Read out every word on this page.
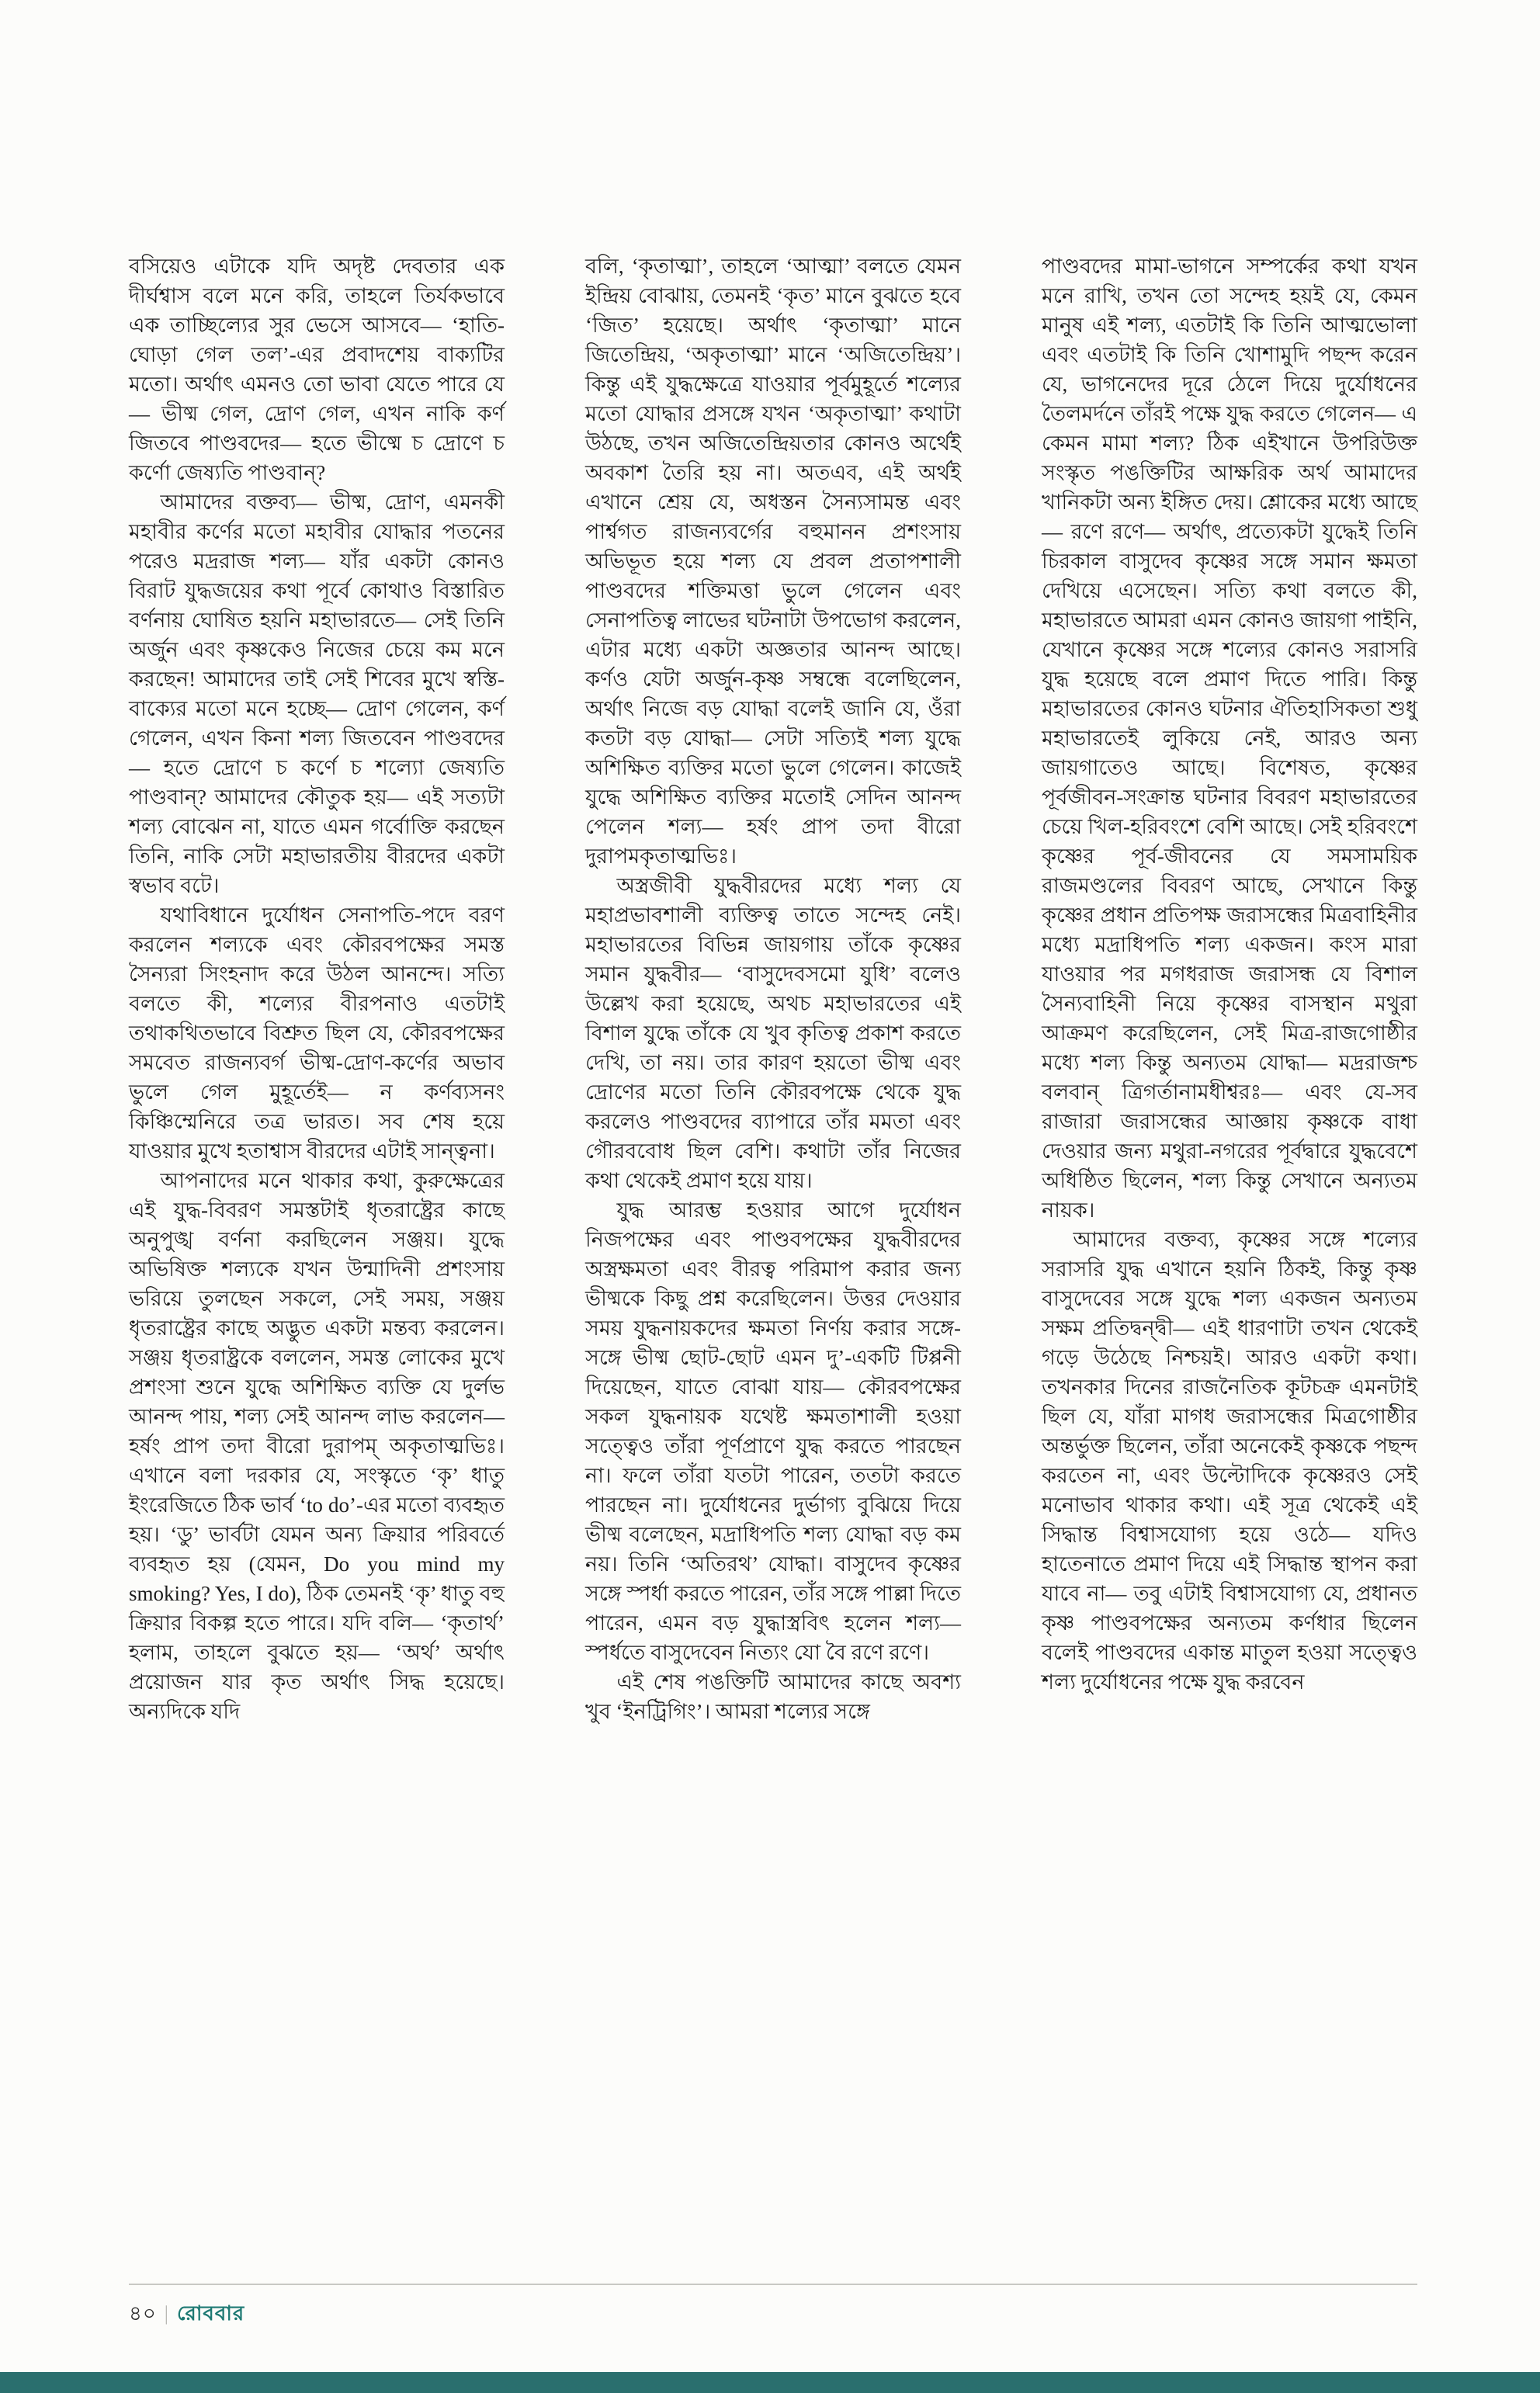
বসিয়েও এটাকে যদি অদৃষ্ট দেবতার এক দীর্ঘশ্বাস বলে মনে করি, তাহলে তির্যকভাবে এক তাচ্ছিল্যের সুর ভেসে আসবে— ‘হাতি-ঘোড়া গেল তল’-এর প্রবাদশেয় বাক্যটির মতো। অর্থাৎ এমনও তো ভাবা যেতে পারে যে— ভীষ্ম গেল, দ্রোণ গেল, এখন নাকি কর্ণ জিতবে পাণ্ডবদের— হতে ভীষ্মে চ দ্রোণে চ কর্ণো জেষ্যতি পাণ্ডবান্?

আমাদের বক্তব্য— ভীষ্ম, দ্রোণ, এমনকী মহাবীর কর্ণের মতো মহাবীর যোদ্ধার পতনের পরেও মদ্ররাজ শল্য— যাঁর একটা কোনও বিরাট যুদ্ধজয়ের কথা পূর্বে কোথাও বিস্তারিত বর্ণনায় ঘোষিত হয়নি মহাভারতে— সেই তিনি অর্জুন এবং কৃষ্ণকেও নিজের চেয়ে কম মনে করছেন! আমাদের তাই সেই শিবের মুখে স্বস্তি-বাক্যের মতো মনে হচ্ছে— দ্রোণ গেলেন, কর্ণ গেলেন, এখন কিনা শল্য জিতবেন পাণ্ডবদের— হতে দ্রোণে চ কর্ণে চ শল্যো জেষ্যতি পাণ্ডবান্? আমাদের কৌতুক হয়— এই সত্যটা শল্য বোঝেন না, যাতে এমন গর্বোক্তি করছেন তিনি, নাকি সেটা মহাভারতীয় বীরদের একটা স্বভাব বটে।

যথাবিধানে দুর্যোধন সেনাপতি-পদে বরণ করলেন শল্যকে এবং কৌরবপক্ষের সমস্ত সৈন্যরা সিংহনাদ করে উঠল আনন্দে। সত্যি বলতে কী, শল্যের বীরপনাও এতটাই তথাকথিতভাবে বিশ্রুত ছিল যে, কৌরবপক্ষের সমবেত রাজন্যবর্গ ভীষ্ম-দ্রোণ-কর্ণের অভাব ভুলে গেল মুহূর্তেই— ন কর্ণব্যসনং কিঞ্চিম্মেনিরে তত্র ভারত। সব শেষ হয়ে যাওয়ার মুখে হতাশ্বাস বীরদের এটাই সান্ত্বনা।

আপনাদের মনে থাকার কথা, কুরুক্ষেত্রের এই যুদ্ধ-বিবরণ সমস্তটাই ধৃতরাষ্ট্রের কাছে অনুপুঙ্খ বর্ণনা করছিলেন সঞ্জয়। যুদ্ধে অভিষিক্ত শল্যকে যখন উন্মাদিনী প্রশংসায় ভরিয়ে তুলছেন সকলে, সেই সময়, সঞ্জয় ধৃতরাষ্ট্রের কাছে অদ্ভুত একটা মন্তব্য করলেন। সঞ্জয় ধৃতরাষ্ট্রকে বললেন, সমস্ত লোকের মুখে প্রশংসা শুনে যুদ্ধে অশিক্ষিত ব্যক্তি যে দুর্লভ আনন্দ পায়, শল্য সেই আনন্দ লাভ করলেন— হর্ষং প্রাপ তদা বীরো দুরাপম্ অকৃতাত্মভিঃ। এখানে বলা দরকার যে, সংস্কৃতে ‘কৃ’ ধাতু ইংরেজিতে ঠিক ভার্ব ‘to do’-এর মতো ব্যবহৃত হয়। ‘ডু’ ভার্বটা যেমন অন্য ক্রিয়ার পরিবর্তে ব্যবহৃত হয় (যেমন, Do you mind my smoking? Yes, I do), ঠিক তেমনই ‘কৃ’ ধাতু বহু ক্রিয়ার বিকল্প হতে পারে। যদি বলি— ‘কৃতার্থ’ হলাম, তাহলে বুঝতে হয়— ‘অর্থ’ অর্থাৎ প্রয়োজন যার কৃত অর্থাৎ সিদ্ধ হয়েছে। অন্যদিকে যদি

বলি, ‘কৃতাত্মা’, তাহলে ‘আত্মা’ বলতে যেমন ইন্দ্রিয় বোঝায়, তেমনই ‘কৃত’ মানে বুঝতে হবে ‘জিত’ হয়েছে। অর্থাৎ ‘কৃতাত্মা’ মানে জিতেন্দ্রিয়, ‘অকৃতাত্মা’ মানে ‘অজিতেন্দ্রিয়’। কিন্তু এই যুদ্ধক্ষেত্রে যাওয়ার পূর্বমুহূর্তে শল্যের মতো যোদ্ধার প্রসঙ্গে যখন ‘অকৃতাত্মা’ কথাটা উঠছে, তখন অজিতেন্দ্রিয়তার কোনও অর্থেই অবকাশ তৈরি হয় না। অতএব, এই অর্থই এখানে শ্রেয় যে, অধস্তন সৈন্যসামন্ত এবং পার্শ্বগত রাজন্যবর্গের বহুমানন প্রশংসায় অভিভূত হয়ে শল্য যে প্রবল প্রতাপশালী পাণ্ডবদের শক্তিমত্তা ভুলে গেলেন এবং সেনাপতিত্ব লাভের ঘটনাটা উপভোগ করলেন, এটার মধ্যে একটা অজ্ঞতার আনন্দ আছে। কর্ণও যেটা অর্জুন-কৃষ্ণ সম্বন্ধে বলেছিলেন, অর্থাৎ নিজে বড় যোদ্ধা বলেই জানি যে, ওঁরা কতটা বড় যোদ্ধা— সেটা সত্যিই শল্য যুদ্ধে অশিক্ষিত ব্যক্তির মতো ভুলে গেলেন। কাজেই যুদ্ধে অশিক্ষিত ব্যক্তির মতোই সেদিন আনন্দ পেলেন শল্য— হর্ষং প্রাপ তদা বীরো দুরাপমকৃতাত্মভিঃ।

অস্ত্রজীবী যুদ্ধবীরদের মধ্যে শল্য যে মহাপ্রভাবশালী ব্যক্তিত্ব তাতে সন্দেহ নেই। মহাভারতের বিভিন্ন জায়গায় তাঁকে কৃষ্ণের সমান যুদ্ধবীর— ‘বাসুদেবসমো যুধি’ বলেও উল্লেখ করা হয়েছে, অথচ মহাভারতের এই বিশাল যুদ্ধে তাঁকে যে খুব কৃতিত্ব প্রকাশ করতে দেখি, তা নয়। তার কারণ হয়তো ভীষ্ম এবং দ্রোণের মতো তিনি কৌরবপক্ষে থেকে যুদ্ধ করলেও পাণ্ডবদের ব্যাপারে তাঁর মমতা এবং গৌরববোধ ছিল বেশি। কথাটা তাঁর নিজের কথা থেকেই প্রমাণ হয়ে যায়।

যুদ্ধ আরম্ভ হওয়ার আগে দুর্যোধন নিজপক্ষের এবং পাণ্ডবপক্ষের যুদ্ধবীরদের অস্ত্রক্ষমতা এবং বীরত্ব পরিমাপ করার জন্য ভীষ্মকে কিছু প্রশ্ন করেছিলেন। উত্তর দেওয়ার সময় যুদ্ধনায়কদের ক্ষমতা নির্ণয় করার সঙ্গে-সঙ্গে ভীষ্ম ছোট-ছোট এমন দু’-একটি টিপ্পনী দিয়েছেন, যাতে বোঝা যায়— কৌরবপক্ষের সকল যুদ্ধনায়ক যথেষ্ট ক্ষমতাশালী হওয়া সত্ত্বেও তাঁরা পূর্ণপ্রাণে যুদ্ধ করতে পারছেন না। ফলে তাঁরা যতটা পারেন, ততটা করতে পারছেন না। দুর্যোধনের দুর্ভাগ্য বুঝিয়ে দিয়ে ভীষ্ম বলেছেন, মদ্রাধিপতি শল্য যোদ্ধা বড় কম নয়। তিনি ‘অতিরথ’ যোদ্ধা। বাসুদেব কৃষ্ণের সঙ্গে স্পর্ধা করতে পারেন, তাঁর সঙ্গে পাল্লা দিতে পারেন, এমন বড় যুদ্ধাস্ত্রবিৎ হলেন শল্য— স্পর্ধতে বাসুদেবেন নিত্যং যো বৈ রণে রণে।

এই শেষ পঙক্তিটি আমাদের কাছে অবশ্য খুব ‘ইনট্রিগিং’। আমরা শল্যের সঙ্গে

পাণ্ডবদের মামা-ভাগনে সম্পর্কের কথা যখন মনে রাখি, তখন তো সন্দেহ হয়ই যে, কেমন মানুষ এই শল্য, এতটাই কি তিনি আত্মভোলা এবং এতটাই কি তিনি খোশামুদি পছন্দ করেন যে, ভাগনেদের দূরে ঠেলে দিয়ে দুর্যোধনের তৈলমর্দনে তাঁরই পক্ষে যুদ্ধ করতে গেলেন— এ কেমন মামা শল্য? ঠিক এইখানে উপরিউক্ত সংস্কৃত পঙক্তিটির আক্ষরিক অর্থ আমাদের খানিকটা অন্য ইঙ্গিত দেয়। শ্লোকের মধ্যে আছে— রণে রণে— অর্থাৎ, প্রত্যেকটা যুদ্ধেই তিনি চিরকাল বাসুদেব কৃষ্ণের সঙ্গে সমান ক্ষমতা দেখিয়ে এসেছেন। সত্যি কথা বলতে কী, মহাভারতে আমরা এমন কোনও জায়গা পাইনি, যেখানে কৃষ্ণের সঙ্গে শল্যের কোনও সরাসরি যুদ্ধ হয়েছে বলে প্রমাণ দিতে পারি। কিন্তু মহাভারতের কোনও ঘটনার ঐতিহাসিকতা শুধু মহাভারতেই লুকিয়ে নেই, আরও অন্য জায়গাতেও আছে। বিশেষত, কৃষ্ণের পূর্বজীবন-সংক্রান্ত ঘটনার বিবরণ মহাভারতের চেয়ে খিল-হরিবংশে বেশি আছে। সেই হরিবংশে কৃষ্ণের পূর্ব-জীবনের যে সমসাময়িক রাজমণ্ডলের বিবরণ আছে, সেখানে কিন্তু কৃষ্ণের প্রধান প্রতিপক্ষ জরাসন্ধের মিত্রবাহিনীর মধ্যে মদ্রাধিপতি শল্য একজন। কংস মারা যাওয়ার পর মগধরাজ জরাসন্ধ যে বিশাল সৈন্যবাহিনী নিয়ে কৃষ্ণের বাসস্থান মথুরা আক্রমণ করেছিলেন, সেই মিত্র-রাজগোষ্ঠীর মধ্যে শল্য কিন্তু অন্যতম যোদ্ধা— মদ্ররাজশ্চ বলবান্ ত্রিগর্তানামধীশ্বরঃ— এবং যে-সব রাজারা জরাসন্ধের আজ্ঞায় কৃষ্ণকে বাধা দেওয়ার জন্য মথুরা-নগরের পূর্বদ্বারে যুদ্ধবেশে অধিষ্ঠিত ছিলেন, শল্য কিন্তু সেখানে অন্যতম নায়ক।

আমাদের বক্তব্য, কৃষ্ণের সঙ্গে শল্যের সরাসরি যুদ্ধ এখানে হয়নি ঠিকই, কিন্তু কৃষ্ণ বাসুদেবের সঙ্গে যুদ্ধে শল্য একজন অন্যতম সক্ষম প্রতিদ্বন্দ্বী— এই ধারণাটা তখন থেকেই গড়ে উঠেছে নিশ্চয়ই। আরও একটা কথা। তখনকার দিনের রাজনৈতিক কূটচক্র এমনটাই ছিল যে, যাঁরা মাগধ জরাসন্ধের মিত্রগোষ্ঠীর অন্তর্ভুক্ত ছিলেন, তাঁরা অনেকেই কৃষ্ণকে পছন্দ করতেন না, এবং উল্টোদিকে কৃষ্ণেরও সেই মনোভাব থাকার কথা। এই সূত্র থেকেই এই সিদ্ধান্ত বিশ্বাসযোগ্য হয়ে ওঠে— যদিও হাতেনাতে প্রমাণ দিয়ে এই সিদ্ধান্ত স্থাপন করা যাবে না— তবু এটাই বিশ্বাসযোগ্য যে, প্রধানত কৃষ্ণ পাণ্ডবপক্ষের অন্যতম কর্ণধার ছিলেন বলেই পাণ্ডবদের একান্ত মাতুল হওয়া সত্ত্বেও শল্য দুর্যোধনের পক্ষে যুদ্ধ করবেন

৪০ | রোববার
